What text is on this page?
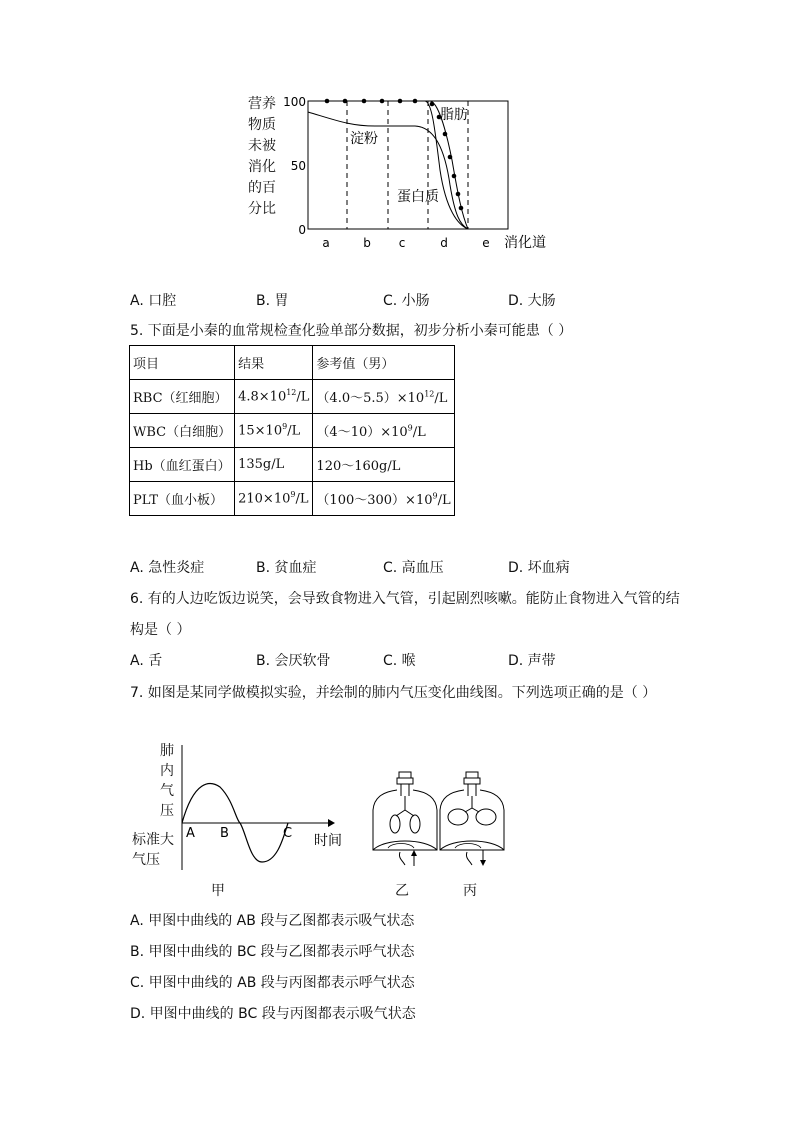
营养
物质
未被
消化
的百
分比
100
50
0
a	b c	d	e 消化道
脂肪
淀粉
蛋白质
A. 口腔	B. 胃	C. 小肠	D. 大肠
5. 下面是小秦的血常规检查化验单部分数据，初步分析小秦可能患（ ）
项目	结果	参考值（男）
RBC（红细胞）	$4.8\times 10^{12}/L$	$(4.0\sim 5.5)\times 10^{12}/L$
WBC（白细胞）	$15\times 10^9/L$	$(4\sim 10)\times 10^9/L$
Hb（血红蛋白）	135g/L	120～160g/L
PLT（血小板）	$210\times 10^9/L$	$(100\sim 300)\times 10^9/L$
A. 急性炎症	B. 贫血症	C. 高血压	D. 坏血病
6. 有的人边吃饭边说笑，会导致食物进入气管，引起剧烈咳嗽。能防止食物进入气管的结
构是（ ）
A. 舌	B. 会厌软骨	C. 喉	D. 声带
7. 如图是某同学做模拟实验，并绘制的肺内气压变化曲线图。下列选项正确的是（ ）
肺
内
气
压
标准大
气压
A B	C 时间
甲	乙	丙
A. 甲图中曲线的 AB 段与乙图都表示吸气状态
B. 甲图中曲线的 BC 段与乙图都表示呼气状态
C. 甲图中曲线的 AB 段与丙图都表示呼气状态
D. 甲图中曲线的 BC 段与丙图都表示吸气状态
